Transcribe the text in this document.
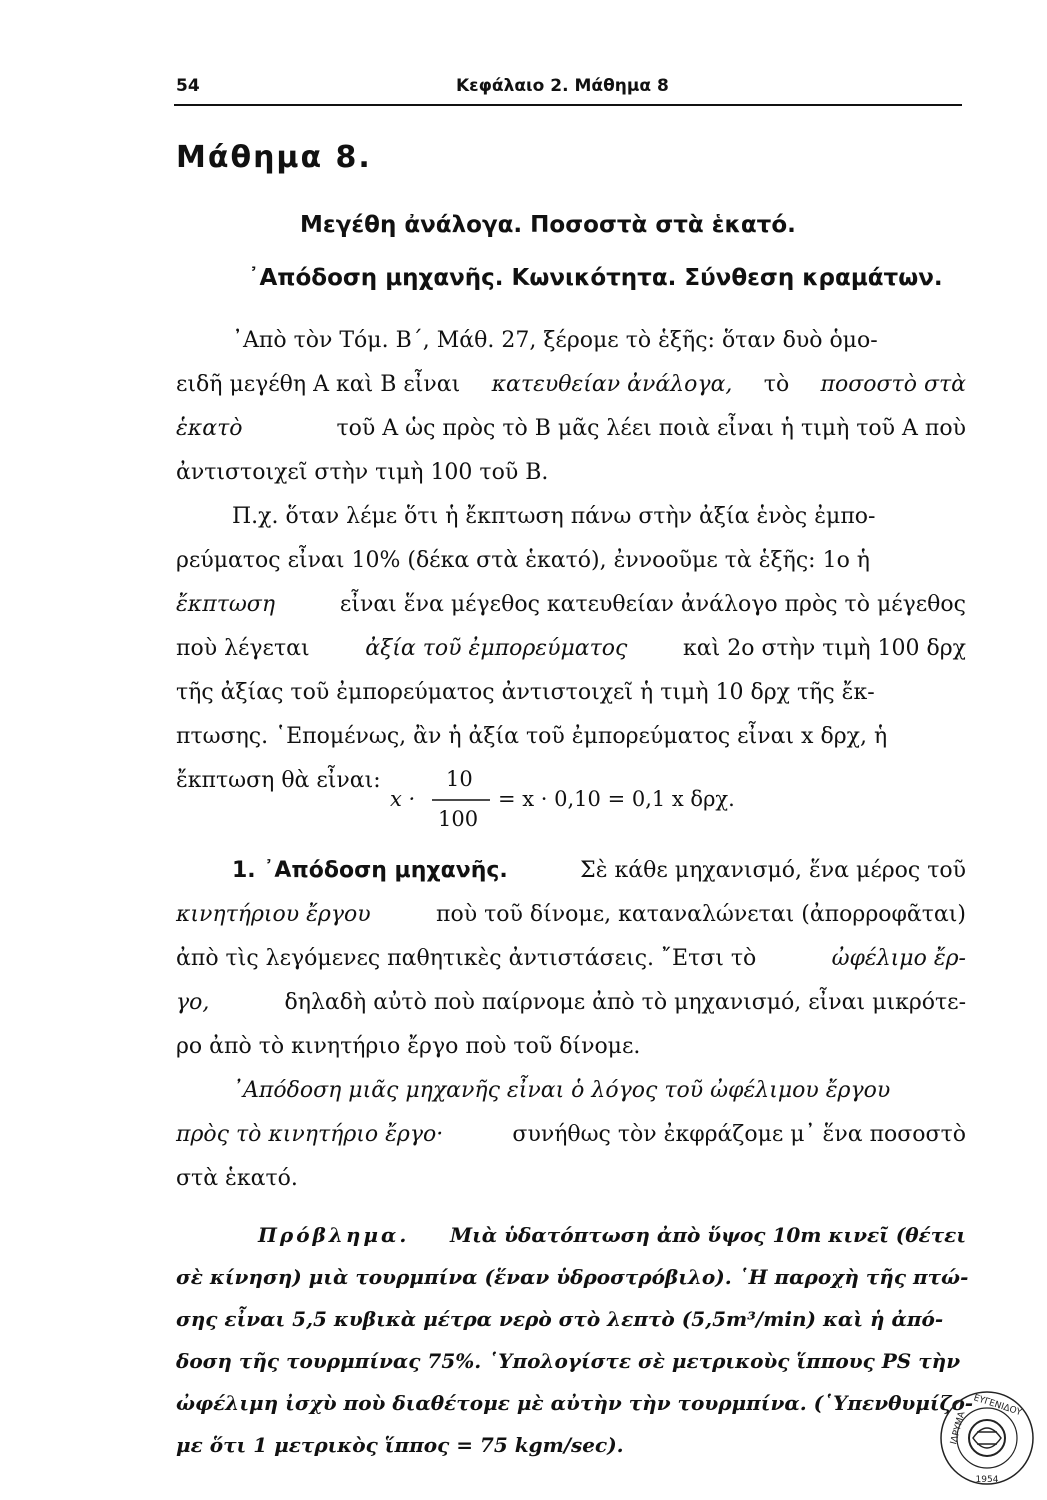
54	Κεφάλαιο 2. Μάθημα 8
Μάθημα 8.
Μεγέθη ἀνάλογα. Ποσοστὰ στὰ ἑκατό.
᾿Απόδοση μηχανῆς. Κωνικότητα. Σύνθεση κραμάτων.
᾿Απὸ τὸν Τόμ. Β΄, Μάθ. 27, ξέρομε τὸ ἑξῆς: ὅταν δυὸ ὁμο-
ειδῆ μεγέθη Α καὶ Β εἶναι κατευθείαν ἀνάλογα, τὸ ποσοστὸ στὰ
ἑκατὸ	τοῦ Α ὡς πρὸς τὸ Β μᾶς λέει ποιὰ εἶναι ἡ τιμὴ τοῦ Α ποὺ
ἀντιστοιχεῖ στὴν τιμὴ 100 τοῦ Β.
Π.χ. ὅταν λέμε ὅτι ἡ ἔκπτωση πάνω στὴν ἀξία ἑνὸς ἐμπο-
ρεύματος εἶναι 10% (δέκα στὰ ἑκατό), ἐννοοῦμε τὰ ἑξῆς: 1ο ἡ
ἔκπτωση	εἶναι ἕνα μέγεθος κατευθείαν ἀνάλογο πρὸς τὸ μέγεθος
ποὺ λέγεται ἀξία τοῦ ἐμπορεύματος καὶ 2ο στὴν τιμὴ 100 δρχ
τῆς ἀξίας τοῦ ἐμπορεύματος ἀντιστοιχεῖ ἡ τιμὴ 10 δρχ τῆς ἔκ-
πτωσης. ῾Επομένως, ἂν ἡ ἀξία τοῦ ἐμπορεύματος εἶναι x δρχ, ἡ
ἔκπτωση θὰ εἶναι:
x ·
10
100
= x · 0,10 = 0,1 x δρχ.
1. ᾿Απόδοση μηχανῆς.	Σὲ κάθε μηχανισμό, ἕνα μέρος τοῦ
κινητήριου ἔργου	ποὺ τοῦ δίνομε, καταναλώνεται (ἀπορροφᾶται)
ἀπὸ τὶς λεγόμενες παθητικὲς ἀντιστάσεις. ῎Ετσι τὸ	ὠφέλιμο ἔρ-
γο,	δηλαδὴ αὐτὸ ποὺ παίρνομε ἀπὸ τὸ μηχανισμό, εἶναι μικρότε-
ρο ἀπὸ τὸ κινητήριο ἔργο ποὺ τοῦ δίνομε.
᾿Απόδοση μιᾶς μηχανῆς εἶναι ὁ λόγος τοῦ ὠφέλιμου ἔργου
πρὸς τὸ κινητήριο ἔργο·	συνήθως τὸν ἐκφράζομε μ᾿ ἕνα ποσοστὸ
στὰ ἑκατό.
Πρόβλημα. Μιὰ ὑδατόπτωση ἀπὸ ὕψος 10m κινεῖ (θέτει
σὲ κίνηση) μιὰ τουρμπίνα (ἕναν ὑδροστρόβιλο). ῾Η παροχὴ τῆς πτώ-
σης εἶναι 5,5 κυβικὰ μέτρα νερὸ στὸ λεπτὸ (5,5m³/min) καὶ ἡ ἀπό-
δοση τῆς τουρμπίνας 75%. ῾Υπολογίστε σὲ μετρικοὺς ἵππους PS τὴν
ὠφέλιμη ἰσχὺ ποὺ διαθέτομε μὲ αὐτὴν τὴν τουρμπίνα. (῾Υπενθυμίζο-
με ὅτι 1 μετρικὸς ἵππος = 75 kgm/sec).
ΕΥΓΕΝΙΔΟΥ
ΙΔΡΥΜΑ
1954
